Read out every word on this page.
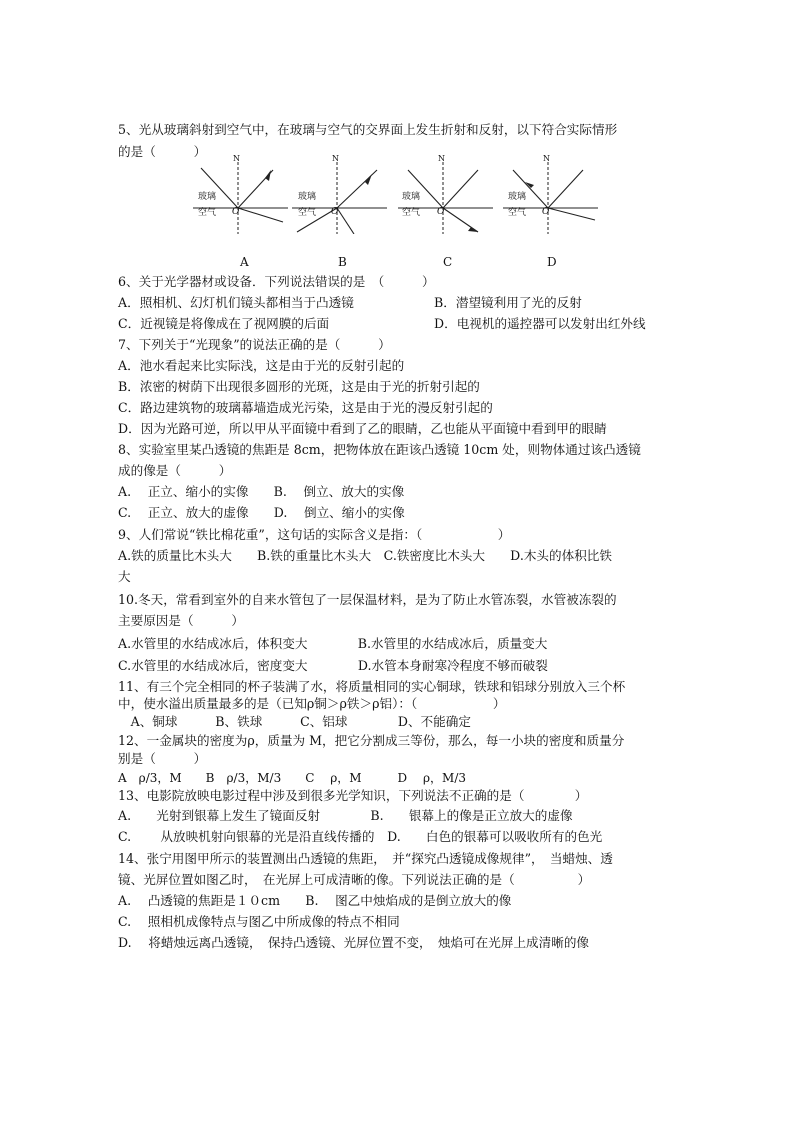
5、光从玻璃斜射到空气中，在玻璃与空气的交界面上发生折射和反射，以下符合实际情形
的是（　　　）
玻璃
空气
玻璃
空气
玻璃
空气
玻璃
空气
N	N	N	N
O	O	O	O
A	B	C	D
6、关于光学器材或设备．下列说法错误的是　（　　　）
A．照相机、幻灯机们镜头都相当于凸透镜	B．潜望镜利用了光的反射
C．近视镜是将像成在了视网膜的后面	D．电视机的遥控器可以发射出红外线
7、下列关于“光现象”的说法正确的是（　　　）
A．池水看起来比实际浅，这是由于光的反射引起的
B．浓密的树荫下出现很多圆形的光斑，这是由于光的折射引起的
C．路边建筑物的玻璃幕墙造成光污染，这是由于光的漫反射引起的
D．因为光路可逆，所以甲从平面镜中看到了乙的眼睛，乙也能从平面镜中看到甲的眼睛
8、实验室里某凸透镜的焦距是 8cm，把物体放在距该凸透镜 10cm 处，则物体通过该凸透镜
成的像是（　　　）
A.　 正立、缩小的实像　　B.　 倒立、放大的实像
C.　 正立、放大的虚像　　D.　 倒立、缩小的实像
9、人们常说“铁比棉花重”，这句话的实际含义是指：（　　　　　　）
A.铁的质量比木头大　　B.铁的重量比木头大　C.铁密度比木头大　　D.木头的体积比铁
大
10.冬天，常看到室外的自来水管包了一层保温材料，是为了防止水管冻裂，水管被冻裂的
主要原因是（　　　）
A.水管里的水结成冰后，体积变大　　　　B.水管里的水结成冰后，质量变大
C.水管里的水结成冰后，密度变大　　　　D.水管本身耐寒冷程度不够而破裂
11、有三个完全相同的杯子装满了水，将质量相同的实心铜球，铁球和铝球分别放入三个杯
中，使水溢出质量最多的是（已知ρ铜＞ρ铁＞ρ铝）：（　　　　　　）
　A、铜球　　　B、铁球　　　C、铝球　　　　D、不能确定
12、一金属块的密度为ρ，质量为 M，把它分割成三等份，那么，每一小块的密度和质量分
别是（　　　）
A　ρ/3，M　　B　ρ/3，M/3　　C　 ρ，M　　　D　 ρ，M/3
13、电影院放映电影过程中涉及到很多光学知识，下列说法不正确的是（　　　　）
A.　　光射到银幕上发生了镜面反射　　　　B.　　银幕上的像是正立放大的虚像
C.　　 从放映机射向银幕的光是沿直线传播的　D.　　白色的银幕可以吸收所有的色光
14、张宁用图甲所示的装置测出凸透镜的焦距，　并“探究凸透镜成像规律”，　当蜡烛、透
镜、光屏位置如图乙时，　在光屏上可成清晰的像。下列说法正确的是（　　　　　）
A.　 凸透镜的焦距是１０cm　　B.　 图乙中烛焰成的是倒立放大的像
C.　 照相机成像特点与图乙中所成像的特点不相同
D.　 将蜡烛远离凸透镜，　保持凸透镜、光屏位置不变，　烛焰可在光屏上成清晰的像
